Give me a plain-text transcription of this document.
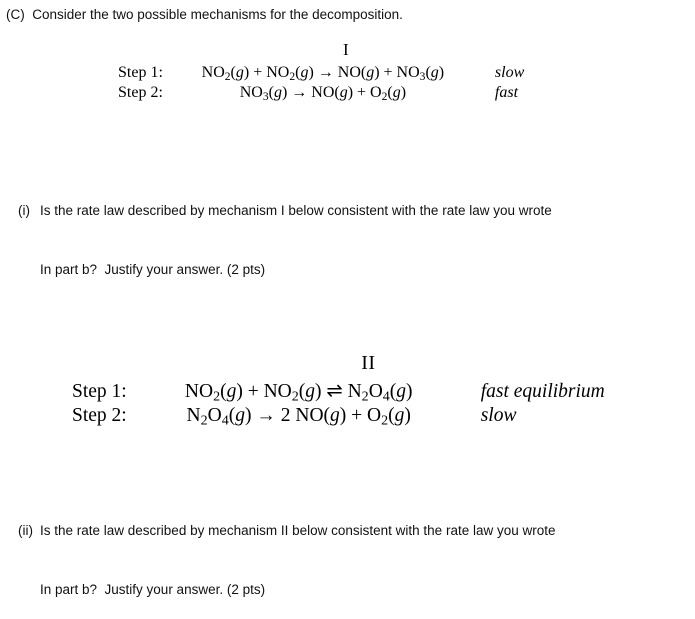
(C)  Consider the two possible mechanisms for the decomposition.
I
Step 1:	$NO_2(g) + NO_2(g) \to NO(g) + NO_3(g)$	slow
Step 2:	$NO_3(g) \to NO(g) + O_2(g)$	fast

(i) Is the rate law described by mechanism I below consistent with the rate law you wrote

In part b?  Justify your answer. (2 pts)

II
Step 1:	$NO_2(g) + NO_2(g)$ ⇌ $N_2O_4(g)$	fast equilibrium
Step 2:	$N_2O_4(g) \to 2$ $NO(g) + O_2(g)$	slow

(ii) Is the rate law described by mechanism II below consistent with the rate law you wrote

In part b?  Justify your answer. (2 pts)
